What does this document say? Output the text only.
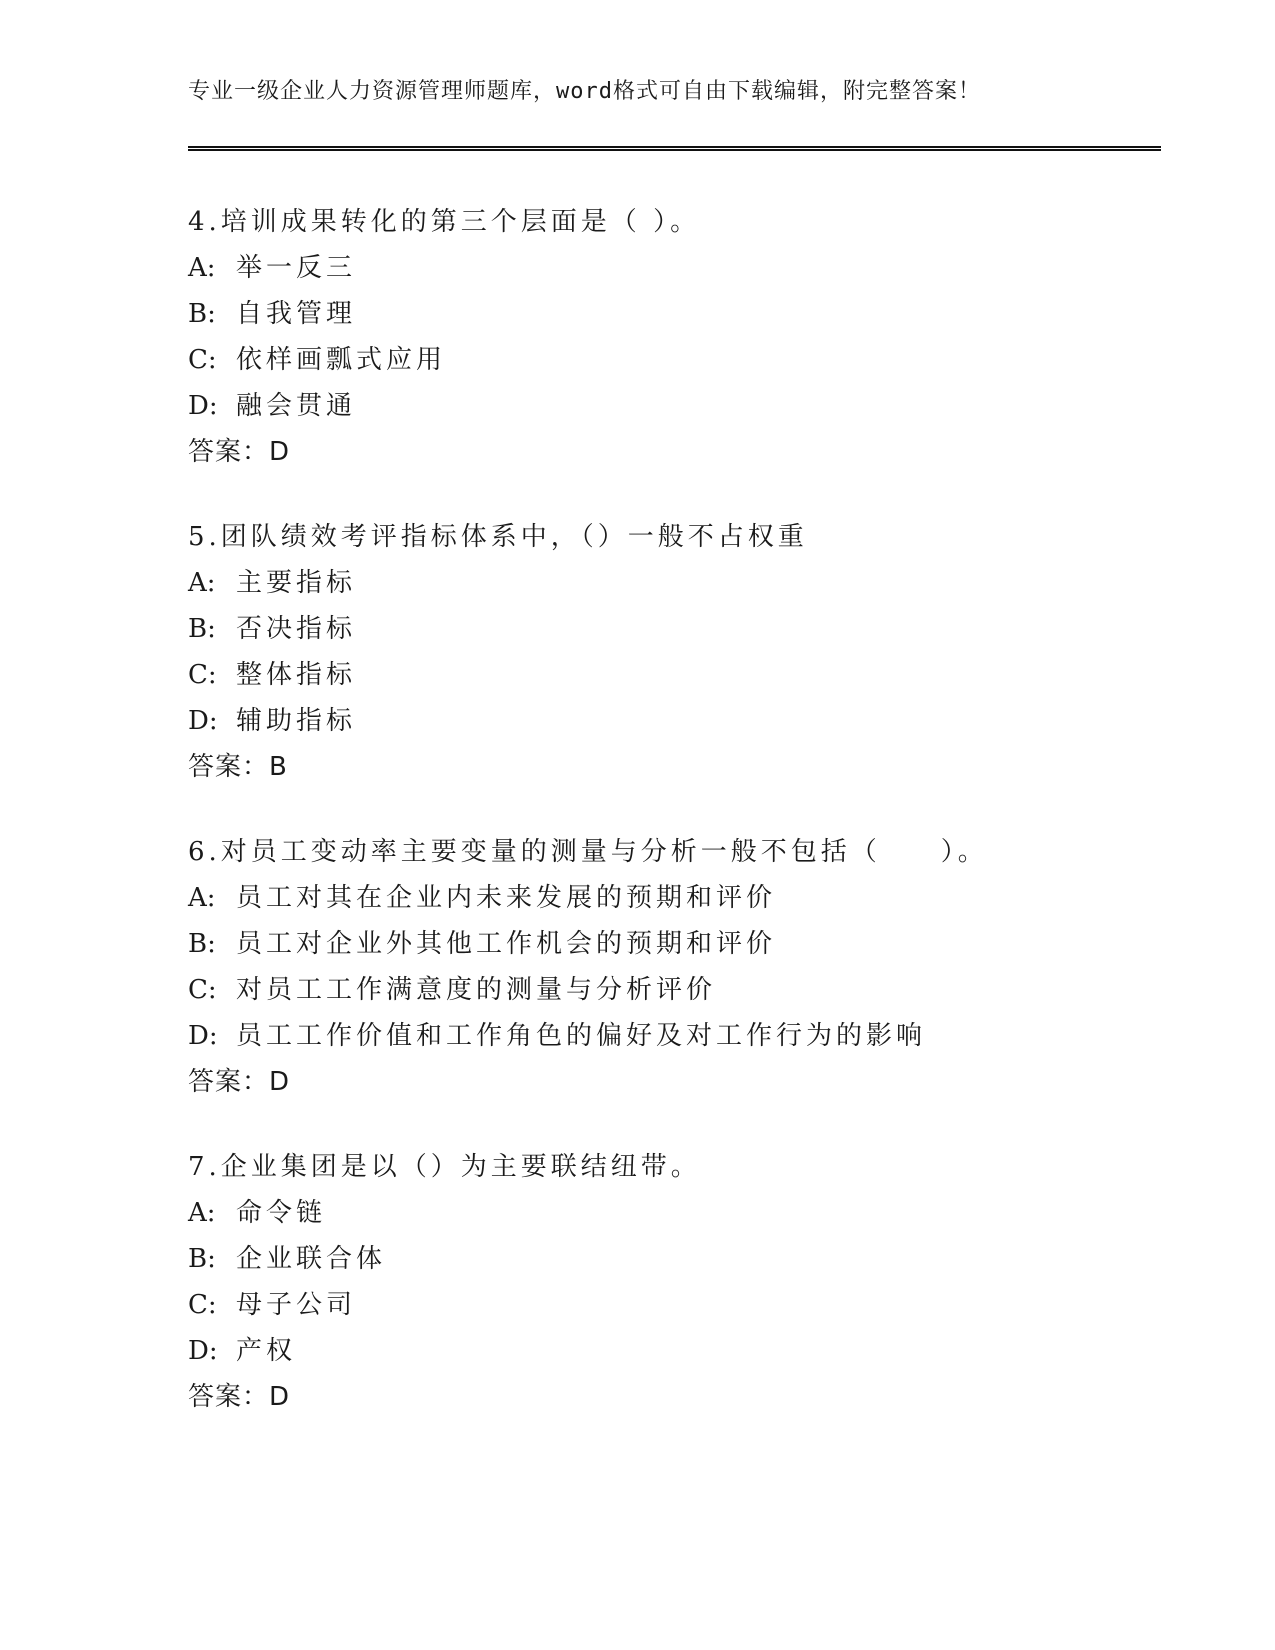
专业一级企业人力资源管理师题库，word格式可自由下载编辑，附完整答案！
4.培训成果转化的第三个层面是（ ）。
A: 举一反三
B: 自我管理
C: 依样画瓢式应用
D: 融会贯通
答案：D
5.团队绩效考评指标体系中，（）一般不占权重
A: 主要指标
B: 否决指标
C: 整体指标
D: 辅助指标
答案：B
6.对员工变动率主要变量的测量与分析一般不包括（　　）。
A: 员工对其在企业内未来发展的预期和评价
B: 员工对企业外其他工作机会的预期和评价
C: 对员工工作满意度的测量与分析评价
D: 员工工作价值和工作角色的偏好及对工作行为的影响
答案：D
7.企业集团是以（）为主要联结纽带。
A: 命令链
B: 企业联合体
C: 母子公司
D: 产权
答案：D
